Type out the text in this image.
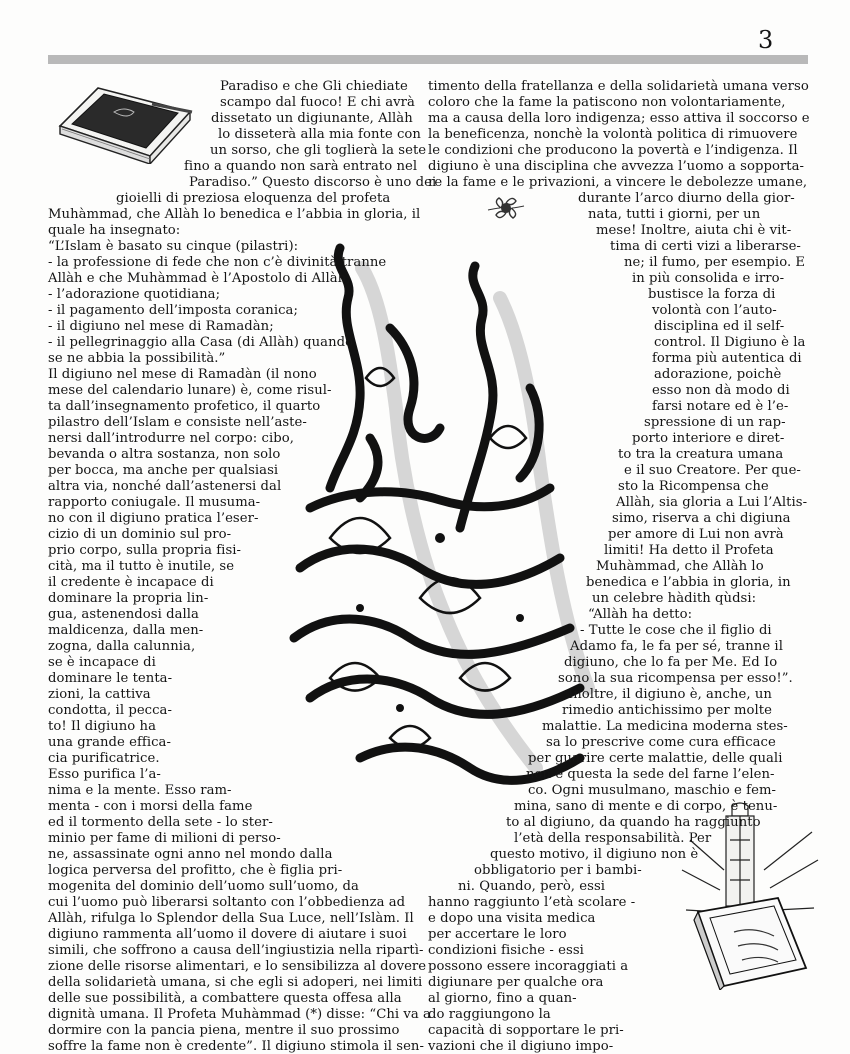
3
Paradiso e che Gli chiediate
scampo dal fuoco! E chi avrà
dissetato un digiunante, Allàh
lo disseterà alla mia fonte con
un sorso, che gli toglierà la sete
fino a quando non sarà entrato nel
Paradiso.” Questo discorso è uno dei
gioielli di preziosa eloquenza del profeta
Muhàmmad, che Allàh lo benedica e l’abbia in gloria, il
quale ha insegnato:
“L’Islam è basato su cinque (pilastri):
- la professione di fede che non c’è divinità tranne
Allàh e che Muhàmmad è l’Apostolo di Allàh;
- l’adorazione quotidiana;
- il pagamento dell’imposta coranica;
- il digiuno nel mese di Ramadàn;
- il pellegrinaggio alla Casa (di Allàh) quando
se ne abbia la possibilità.”
Il digiuno nel mese di Ramadàn (il nono
mese del calendario lunare) è, come risul-
ta dall’insegnamento profetico, il quarto
pilastro dell’Islam e consiste nell’aste-
nersi dall’introdurre nel corpo: cibo,
bevanda o altra sostanza, non solo
per bocca, ma anche per qualsiasi
altra via, nonché dall’astenersi dal
rapporto coniugale. Il musuma-
no con il digiuno pratica l’eser-
cizio di un dominio sul pro-
prio corpo, sulla propria fisi-
cità, ma il tutto è inutile, se
il credente è incapace di
dominare la propria lin-
gua, astenendosi dalla
maldicenza, dalla men-
zogna, dalla calunnia,
se è incapace di
dominare le tenta-
zioni, la cattiva
condotta, il pecca-
to! Il digiuno ha
una grande effica-
cia purificatrice.
Esso purifica l’a-
nima e la mente. Esso ram-
menta - con i morsi della fame
ed il tormento della sete - lo ster-
minio per fame di milioni di perso-
ne, assassinate ogni anno nel mondo dalla
logica perversa del profitto, che è figlia pri-
mogenita del dominio dell’uomo sull’uomo, da
cui l’uomo può liberarsi soltanto con l’obbedienza ad
Allàh, rifulga lo Splendor della Sua Luce, nell’Islàm. Il
digiuno rammenta all’uomo il dovere di aiutare i suoi
simili, che soffrono a causa dell’ingiustizia nella ripartì-
zione delle risorse alimentari, e lo sensibilizza al dovere
della solidarietà umana, si che egli si adoperi, nei limiti
delle sue possibilità, a combattere questa offesa alla
dignità umana. Il Profeta Muhàmmad (*) disse: “Chi va a
dormire con la pancia piena, mentre il suo prossimo
soffre la fame non è credente”. Il digiuno stimola il sen-
timento della fratellanza e della solidarietà umana verso
coloro che la fame la patiscono non volontariamente,
ma a causa della loro indigenza; esso attiva il soccorso e
la beneficenza, nonchè la volontà politica di rimuovere
le condizioni che producono la povertà e l’indigenza. Il
digiuno è una disciplina che avvezza l’uomo a sopporta-
re la fame e le privazioni, a vincere le debolezze umane,
durante l’arco diurno della gior-
nata, tutti i giorni, per un
mese! Inoltre, aiuta chi è vit-
tima di certi vizi a liberarse-
ne; il fumo, per esempio. E
in più consolida e irro-
bustisce la forza di
volontà con l’auto-
disciplina ed il self-
control. Il Digiuno è la
forma più autentica di
adorazione, poichè
esso non dà modo di
farsi notare ed è l’e-
spressione di un rap-
porto interiore e diret-
to tra la creatura umana
e il suo Creatore. Per que-
sto la Ricompensa che
Allàh, sia gloria a Lui l’Altis-
simo, riserva a chi digiuna
per amore di Lui non avrà
limiti! Ha detto il Profeta
Muhàmmad, che Allàh lo
benedica e l’abbia in gloria, in
un celebre hàdith qùdsi:
“Allàh ha detto:
- Tutte le cose che il figlio di
Adamo fa, le fa per sé, tranne il
digiuno, che lo fa per Me. Ed Io
sono la sua ricompensa per esso!”.
Inoltre, il digiuno è, anche, un
rimedio antichissimo per molte
malattie. La medicina moderna stes-
sa lo prescrive come cura efficace
per guarire certe malattie, delle quali
non è questa la sede del farne l’elen-
co. Ogni musulmano, maschio e fem-
mina, sano di mente e di corpo, è tenu-
to al digiuno, da quando ha raggiunto
l’età della responsabilità. Per
questo motivo, il digiuno non è
obbligatorio per i bambi-
ni. Quando, però, essi
hanno raggiunto l’età scolare -
e dopo una visita medica
per accertare le loro
condizioni fisiche - essi
possono essere incoraggiati a
digiunare per qualche ora
al giorno, fino a quan-
do raggiungono la
capacità di sopportare le pri-
vazioni che il digiuno impo-
